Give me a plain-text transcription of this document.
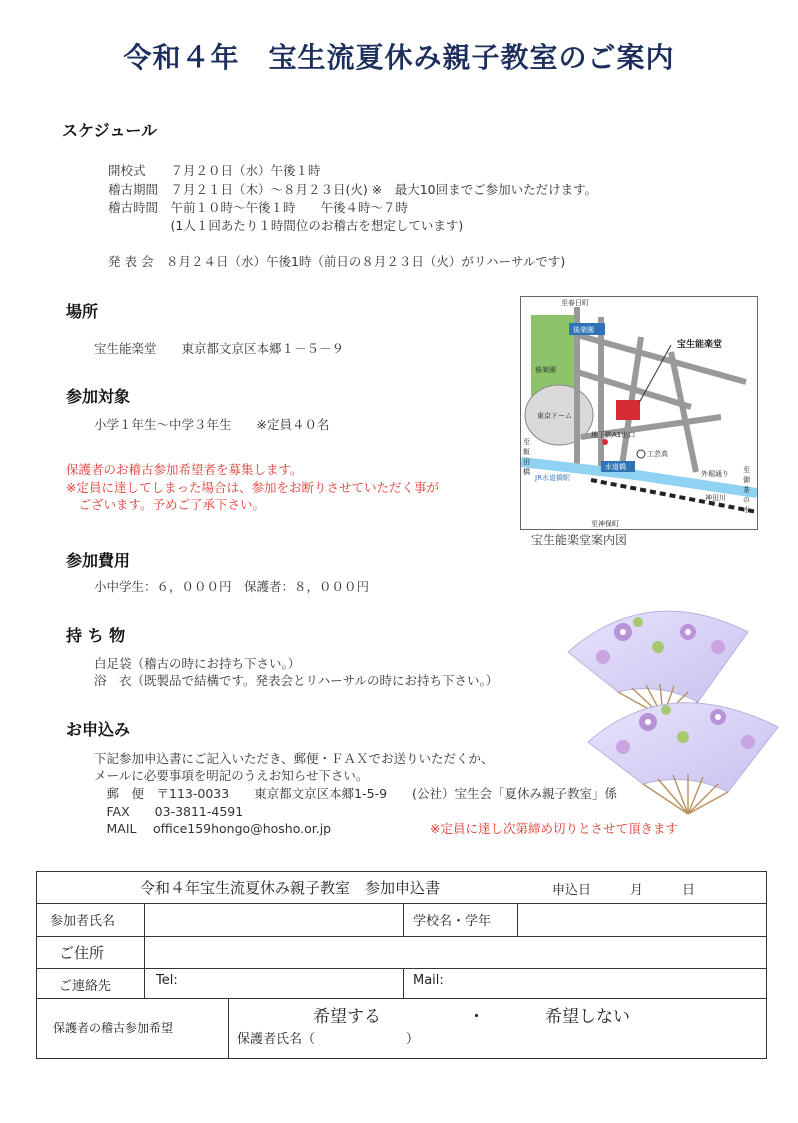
令和４年　宝生流夏休み親子教室のご案内
スケジュール
開校式　　７月２０日（水）午後１時
稽古期間　７月２１日（木）～８月２３日(火) ※　最大10回までご参加いただけます。
稽古時間　午前１０時～午後１時　　午後４時～７時
　　　　　(1人１回あたり１時間位のお稽古を想定しています)
発 表 会　８月２４日（水）午後1時（前日の８月２３日（火）がリハーサルです)
場所
宝生能楽堂　　東京都文京区本郷１－５－９
参加対象
小学１年生～中学３年生　　※定員４０名
保護者のお稽古参加希望者を募集します。
※定員に達してしまった場合は、参加をお断りさせていただく事が
　ございます。予めご了承下さい。
参加費用
小中学生：６，０００円　保護者：８，０００円
持 ち 物
白足袋（稽古の時にお持ち下さい。）
浴　衣（既製品で結構です。発表会とリハーサルの時にお持ち下さい。）
お申込み
下記参加申込書にご記入いただき、郵便・ＦＡＸでお送りいただくか、
メールに必要事項を明記のうえお知らせ下さい。
　郵　便　〒113-0033　　東京都文京区本郷1-5-9　　(公社）宝生会「夏休み親子教室」係
　FAX　　03-3811-4591
　MAIL　 office159hongo@hosho.or.jp	※定員に達し次第締め切りとさせて頂きます
至春日町
後楽園
後楽園
東京ドーム
宝生能楽堂
地下鉄A1出口
至飯田橋
JR水道橋駅
水道橋
工芸高
外堀通り
神田川
至御茶の水
至神保町
宝生能楽堂案内図
令和４年宝生流夏休み親子教室　参加申込書	申込日　　　月　　　日
参加者氏名	学校名・学年
ご住所
ご連絡先	Tel:	Mail:
保護者の稽古参加希望
希望する	・	希望しない
保護者氏名（　　　　　　　）
